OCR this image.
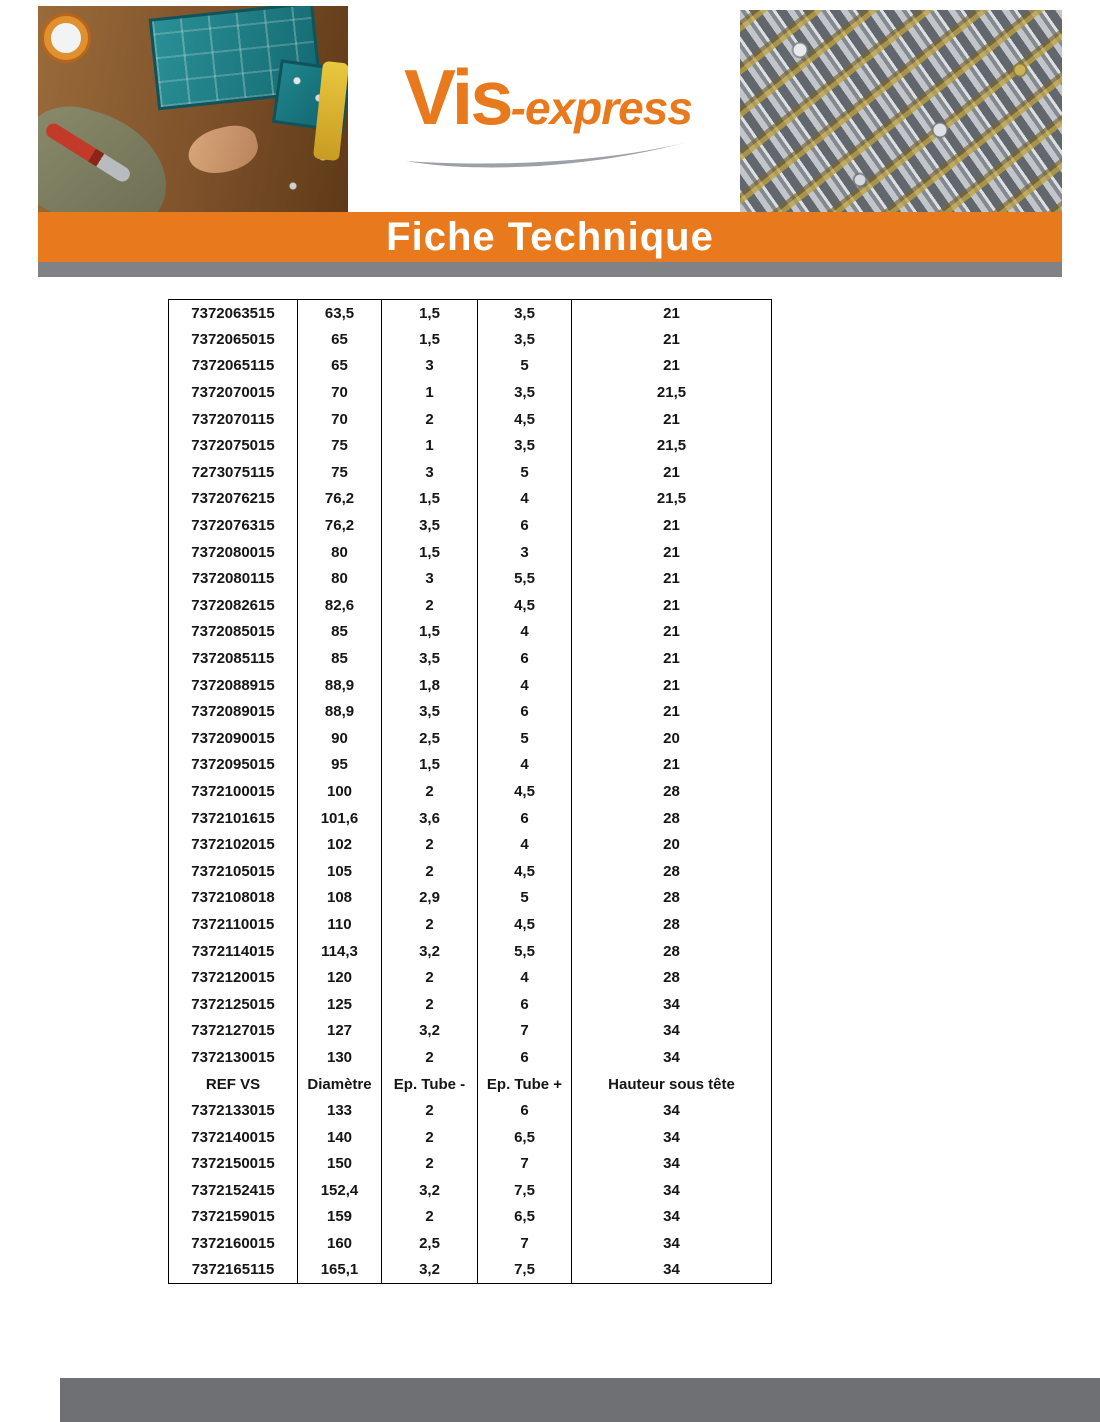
Vis -express
Fiche Technique
7372063515	63,5	1,5	3,5	21
7372065015	65	1,5	3,5	21
7372065115	65	3	5	21
7372070015	70	1	3,5	21,5
7372070115	70	2	4,5	21
7372075015	75	1	3,5	21,5
7273075115	75	3	5	21
7372076215	76,2	1,5	4	21,5
7372076315	76,2	3,5	6	21
7372080015	80	1,5	3	21
7372080115	80	3	5,5	21
7372082615	82,6	2	4,5	21
7372085015	85	1,5	4	21
7372085115	85	3,5	6	21
7372088915	88,9	1,8	4	21
7372089015	88,9	3,5	6	21
7372090015	90	2,5	5	20
7372095015	95	1,5	4	21
7372100015	100	2	4,5	28
7372101615	101,6	3,6	6	28
7372102015	102	2	4	20
7372105015	105	2	4,5	28
7372108018	108	2,9	5	28
7372110015	110	2	4,5	28
7372114015	114,3	3,2	5,5	28
7372120015	120	2	4	28
7372125015	125	2	6	34
7372127015	127	3,2	7	34
7372130015	130	2	6	34
REF VS	Diamètre	Ep. Tube -	Ep. Tube +	Hauteur sous tête
7372133015	133	2	6	34
7372140015	140	2	6,5	34
7372150015	150	2	7	34
7372152415	152,4	3,2	7,5	34
7372159015	159	2	6,5	34
7372160015	160	2,5	7	34
7372165115	165,1	3,2	7,5	34
